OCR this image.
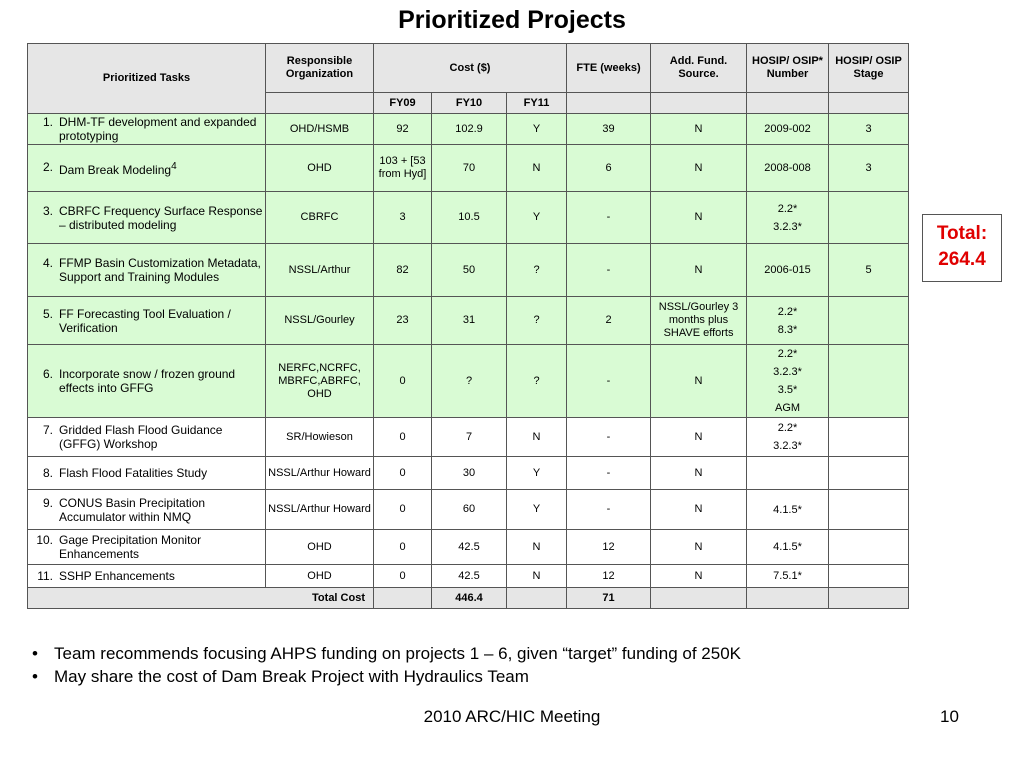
Prioritized Projects
Prioritized Tasks	Responsible Organization	Cost ($)			FTE (weeks)	Add. Fund. Source.	HOSIP/ OSIP* Number	HOSIP/ OSIP Stage
		FY09	FY10	FY11				

1. DHM-TF development and expanded prototyping	OHD/HSMB	92	102.9	Y	39	N	2009-002	3

2. Dam Break Modeling$^4$	OHD	103 + [53 from Hyd]	70	N	6	N	2008-008	3

3. CBRFC Frequency Surface Response – distributed modeling	CBRFC	3	10.5	Y	-	N	2.2*
3.2.3*	

4. FFMP Basin Customization Metadata, Support and Training Modules	NSSL/Arthur	82	50	?	-	N	2006-015	5

5. FF Forecasting Tool Evaluation / Verification	NSSL/Gourley	23	31	?	2	NSSL/Gourley 3 months plus SHAVE efforts	2.2*
8.3*	

6. Incorporate snow / frozen ground effects into GFFG	NERFC,NCRFC, MBRFC,ABRFC, OHD	0	?	?	-	N	2.2*
3.2.3*
3.5*
AGM	

7. Gridded Flash Flood Guidance (GFFG) Workshop	SR/Howieson	0	7	N	-	N	2.2*
3.2.3*	

8. Flash Flood Fatalities Study	NSSL/Arthur Howard	0	30	Y	-	N		

9. CONUS Basin Precipitation Accumulator within NMQ	NSSL/Arthur Howard	0	60	Y	-	N	4.1.5*	

10. Gage Precipitation Monitor Enhancements	OHD	0	42.5	N	12	N	4.1.5*	

11. SSHP Enhancements	OHD	0	42.5	N	12	N	7.5.1*	

Total Cost			446.4		71			
Total:
264.4
• Team recommends focusing AHPS funding on projects 1 – 6, given “target” funding of 250K
• May share the cost of Dam Break Project with Hydraulics Team
2010 ARC/HIC Meeting	10
